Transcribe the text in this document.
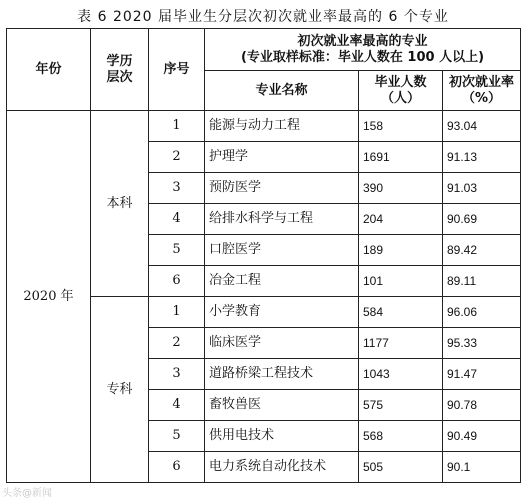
表 6 2020 届毕业生分层次初次就业率最高的 6 个专业
年份	学历层次	序号	初次就业率最高的专业
(专业取样标准：毕业人数在 100 人以上)		

			专业名称	毕业人数（人）	初次就业率（%）
2020 年	本科	1	能源与动力工程	158	93.04
		2	护理学	1691	91.13
		3	预防医学	390	91.03
		4	给排水科学与工程	204	90.69
		5	口腔医学	189	89.42
		6	冶金工程	101	89.11
	专科	1	小学教育	584	96.06
		2	临床医学	1177	95.33
		3	道路桥梁工程技术	1043	91.47
		4	畜牧兽医	575	90.78
		5	供用电技术	568	90.49
		6	电力系统自动化技术	505	90.1
头条@新闻
